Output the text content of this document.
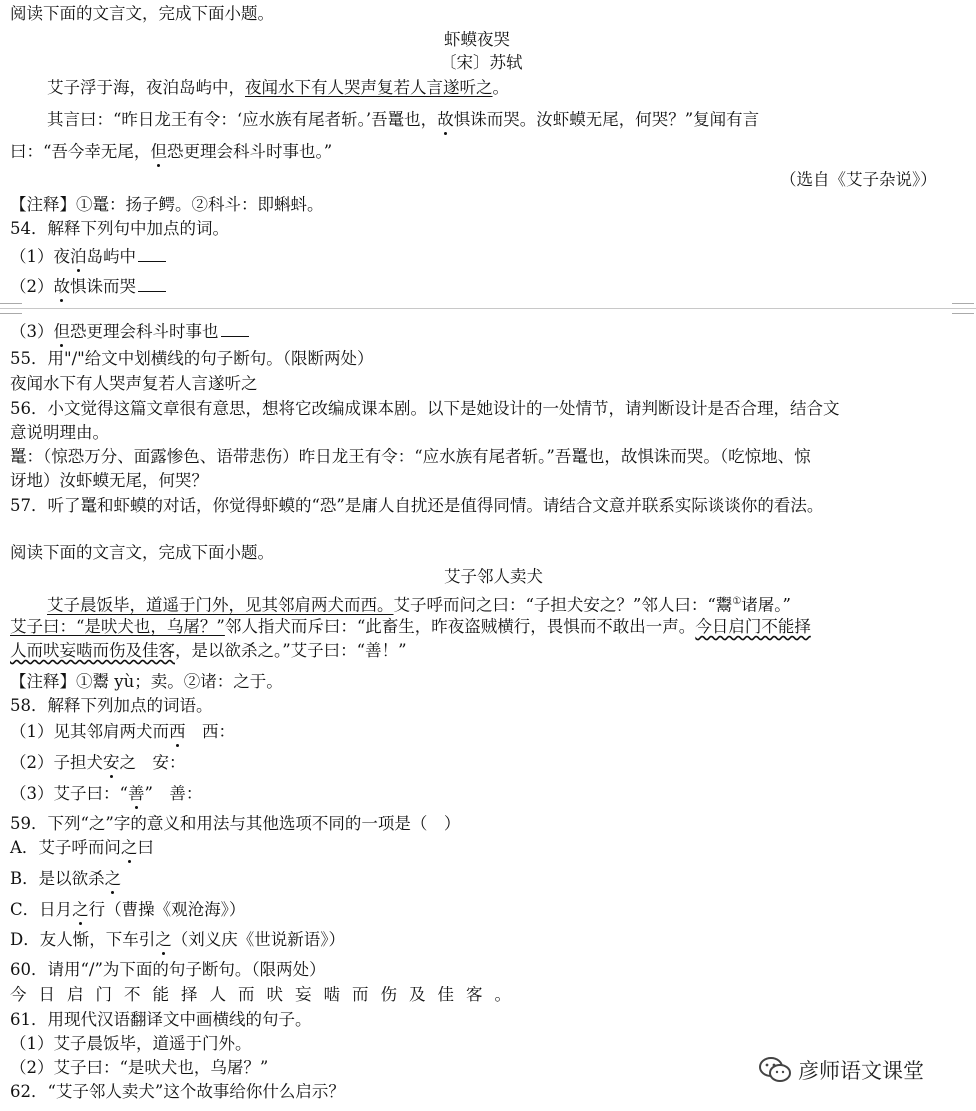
阅读下面的文言文，完成下面小题。
虾蟆夜哭
〔宋〕苏轼
艾子浮于海，夜泊岛屿中，夜闻水下有人哭声复若人言遂听之。
其言曰：“昨日龙王有令：‘应水族有尾者斩。’吾鼍也，故惧诛而哭。汝虾蟆无尾，何哭？”复闻有言
曰：“吾今幸无尾，但恐更理会科斗时事也。”
（选自《艾子杂说》）
【注释】①鼍：扬子鳄。②科斗：即蝌蚪。
54．解释下列句中加点的词。
（1）夜泊岛屿中
（2）故惧诛而哭
（3）但恐更理会科斗时事也
55．用"/"给文中划横线的句子断句。（限断两处）
夜闻水下有人哭声复若人言遂听之
56．小文觉得这篇文章很有意思，想将它改编成课本剧。以下是她设计的一处情节，请判断设计是否合理，结合文
意说明理由。
鼍：（惊恐万分、面露惨色、语带悲伤）昨日龙王有令：“应水族有尾者斩。”吾鼍也，故惧诛而哭。（吃惊地、惊
讶地）汝虾蟆无尾，何哭？
57．听了鼍和虾蟆的对话，你觉得虾蟆的“恐”是庸人自扰还是值得同情。请结合文意并联系实际谈谈你的看法。
阅读下面的文言文，完成下面小题。
艾子邻人卖犬
艾子晨饭毕，道遥于门外，见其邻肩两犬而西。艾子呼而问之曰：“子担犬安之？”邻人曰：“鬻①诸屠。”
艾子曰：“是吠犬也，乌屠？”邻人指犬而斥曰：“此畜生，昨夜盗贼横行，畏惧而不敢出一声。今日启门不能择
人而吠妄啮而伤及佳客，是以欲杀之。”艾子曰：“善！”
【注释】①鬻 yù；卖。②诸：之于。
58．解释下列加点的词语。
（1）见其邻肩两犬而西　西：
（2）子担犬安之　安：
（3）艾子曰：“善”　善：
59．下列“之”字的意义和用法与其他选项不同的一项是（　）
A．艾子呼而问之曰
B．是以欲杀之
C．日月之行（曹操《观沧海》）
D．友人惭，下车引之（刘义庆《世说新语》）
60．请用“/”为下面的句子断句。（限两处）
今日启门不能择人而吠妄啮而伤及佳客。
61．用现代汉语翻译文中画横线的句子。
（1）艾子晨饭毕，道遥于门外。
（2）艾子曰：“是吠犬也，乌屠？”
62．“艾子邻人卖犬”这个故事给你什么启示？
彦师语文课堂
